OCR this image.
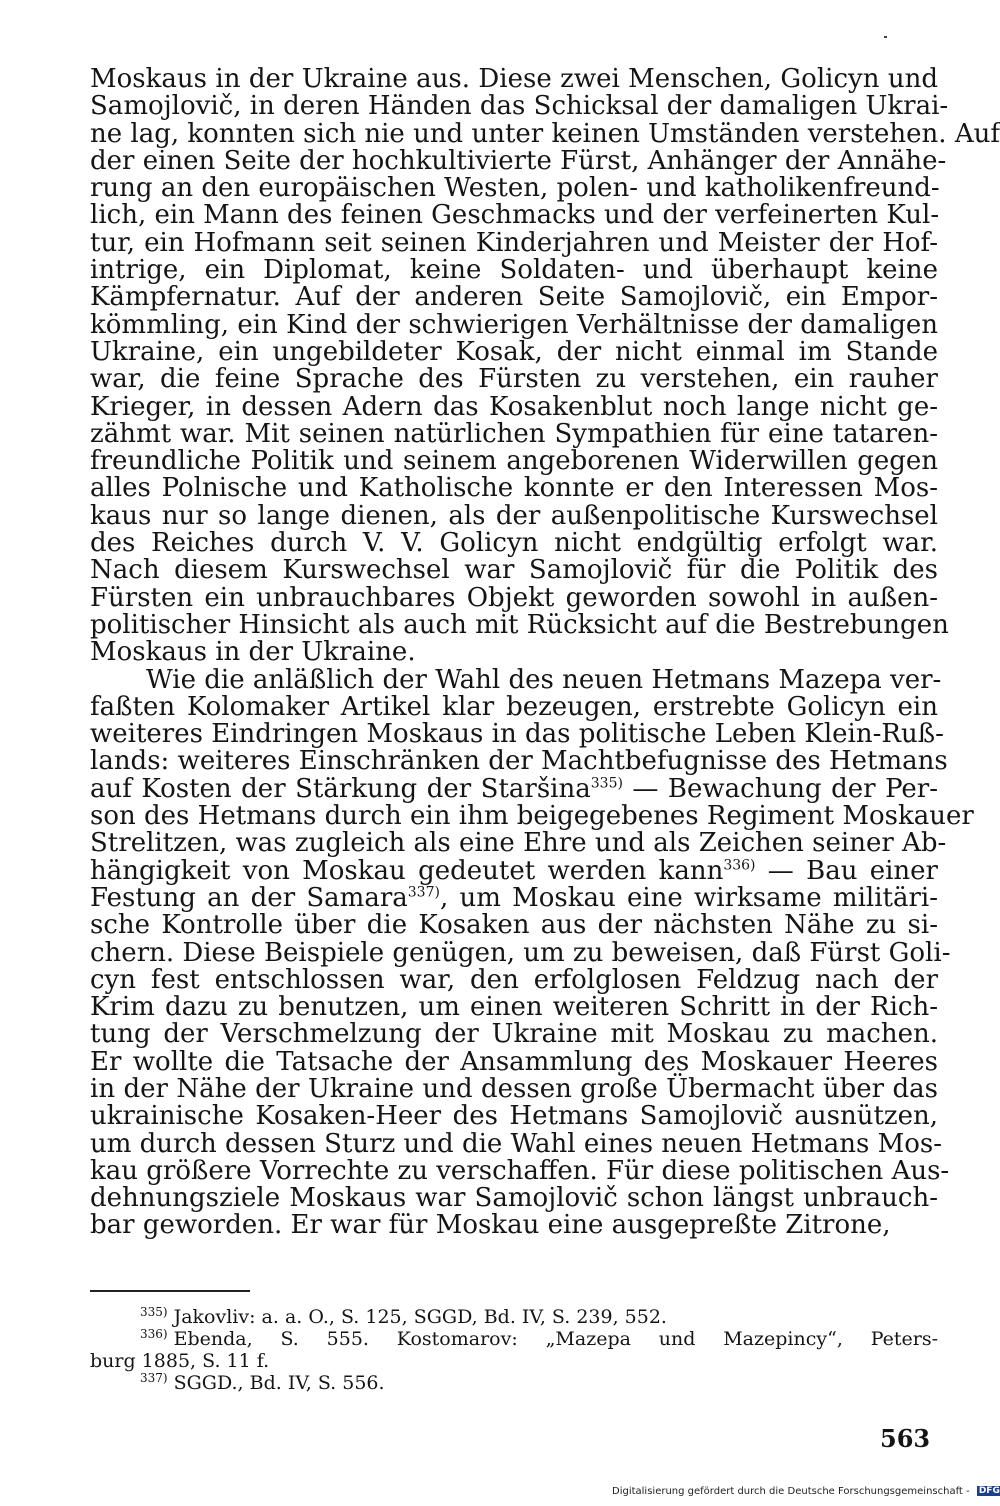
Moskaus in der Ukraine aus. Diese zwei Menschen, Golicyn und
Samojlovič, in deren Händen das Schicksal der damaligen Ukrai-
ne lag, konnten sich nie und unter keinen Umständen verstehen. Auf
der einen Seite der hochkultivierte Fürst, Anhänger der Annähe-
rung an den europäischen Westen, polen- und katholikenfreund-
lich, ein Mann des feinen Geschmacks und der verfeinerten Kul-
tur, ein Hofmann seit seinen Kinderjahren und Meister der Hof-
intrige, ein Diplomat, keine Soldaten- und überhaupt keine
Kämpfernatur. Auf der anderen Seite Samojlovič, ein Empor-
kömmling, ein Kind der schwierigen Verhältnisse der damaligen
Ukraine, ein ungebildeter Kosak, der nicht einmal im Stande
war, die feine Sprache des Fürsten zu verstehen, ein rauher
Krieger, in dessen Adern das Kosakenblut noch lange nicht ge-
zähmt war. Mit seinen natürlichen Sympathien für eine tataren-
freundliche Politik und seinem angeborenen Widerwillen gegen
alles Polnische und Katholische konnte er den Interessen Mos-
kaus nur so lange dienen, als der außenpolitische Kurswechsel
des Reiches durch V. V. Golicyn nicht endgültig erfolgt war.
Nach diesem Kurswechsel war Samojlovič für die Politik des
Fürsten ein unbrauchbares Objekt geworden sowohl in außen-
politischer Hinsicht als auch mit Rücksicht auf die Bestrebungen
Moskaus in der Ukraine.
Wie die anläßlich der Wahl des neuen Hetmans Mazepa ver-
faßten Kolomaker Artikel klar bezeugen, erstrebte Golicyn ein
weiteres Eindringen Moskaus in das politische Leben Klein-Ruß-
lands: weiteres Einschränken der Machtbefugnisse des Hetmans
auf Kosten der Stärkung der Staršina$^{335)}$ — Bewachung der Per-
son des Hetmans durch ein ihm beigegebenes Regiment Moskauer
Strelitzen, was zugleich als eine Ehre und als Zeichen seiner Ab-
hängigkeit von Moskau gedeutet werden kann$^{336)}$ — Bau einer
Festung an der Samara$^{337)}$, um Moskau eine wirksame militäri-
sche Kontrolle über die Kosaken aus der nächsten Nähe zu si-
chern. Diese Beispiele genügen, um zu beweisen, daß Fürst Goli-
cyn fest entschlossen war, den erfolglosen Feldzug nach der
Krim dazu zu benutzen, um einen weiteren Schritt in der Rich-
tung der Verschmelzung der Ukraine mit Moskau zu machen.
Er wollte die Tatsache der Ansammlung des Moskauer Heeres
in der Nähe der Ukraine und dessen große Übermacht über das
ukrainische Kosaken-Heer des Hetmans Samojlovič ausnützen,
um durch dessen Sturz und die Wahl eines neuen Hetmans Mos-
kau größere Vorrechte zu verschaffen. Für diese politischen Aus-
dehnungsziele Moskaus war Samojlovič schon längst unbrauch-
bar geworden. Er war für Moskau eine ausgepreßte Zitrone,
$^{335)}$ Jakovliv: a. a. O., S. 125, SGGD, Bd. IV, S. 239, 552.
$^{336)}$ Ebenda, S. 555. Kostomarov: „Mazepa und Mazepincy“, Peters-
burg 1885, S. 11 f.
$^{337)}$ SGGD., Bd. IV, S. 556.
563
Digitalisierung gefördert durch die Deutsche Forschungsgemeinschaft - DFG
